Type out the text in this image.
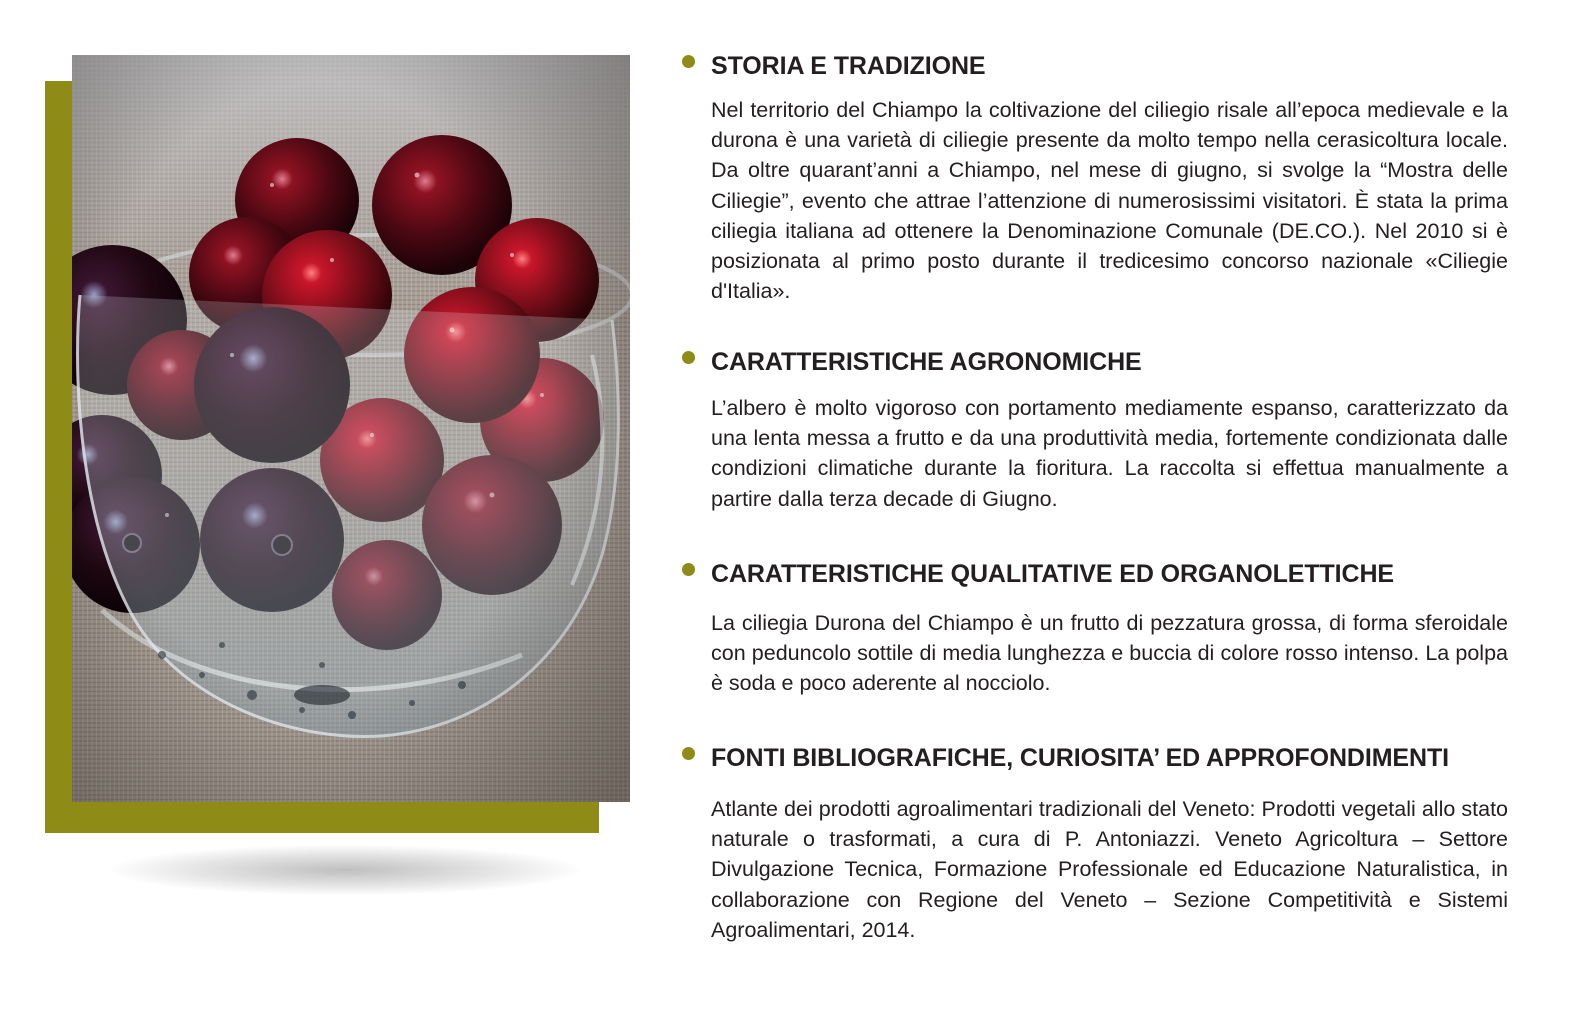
STORIA E TRADIZIONE

Nel territorio del Chiampo la coltivazione del ciliegio risale all’epoca medievale e la durona è una varietà di ciliegie presente da molto tempo nella cerasicoltura locale. Da oltre quarant’anni a Chiampo, nel mese di giugno, si svolge la “Mostra delle Ciliegie”, evento che attrae l’attenzione di numerosissimi visitatori. È stata la prima ciliegia italiana ad ottenere la Denominazione Comunale (DE.CO.). Nel 2010 si è posizionata al primo posto durante il tredicesimo concorso nazionale «Ciliegie d'Italia».

CARATTERISTICHE AGRONOMICHE

L’albero è molto vigoroso con portamento mediamente espanso, caratterizzato da una lenta messa a frutto e da una produttività media, fortemente condizionata dalle condizioni climatiche durante la fioritura. La raccolta si effettua manualmente a partire dalla terza decade di Giugno.

CARATTERISTICHE QUALITATIVE ED ORGANOLETTICHE

La ciliegia Durona del Chiampo è un frutto di pezzatura grossa, di forma sferoidale con peduncolo sottile di media lunghezza e buccia di colore rosso intenso. La polpa è soda e poco aderente al nocciolo.

FONTI BIBLIOGRAFICHE, CURIOSITA’ ED APPROFONDIMENTI

Atlante dei prodotti agroalimentari tradizionali del Veneto: Prodotti vegetali allo stato naturale o trasformati, a cura di P. Antoniazzi. Veneto Agricoltura – Settore Divulgazione Tecnica, Formazione Professionale ed Educazione Naturalistica, in collaborazione con Regione del Veneto – Sezione Competitività e Sistemi Agroalimentari, 2014.
